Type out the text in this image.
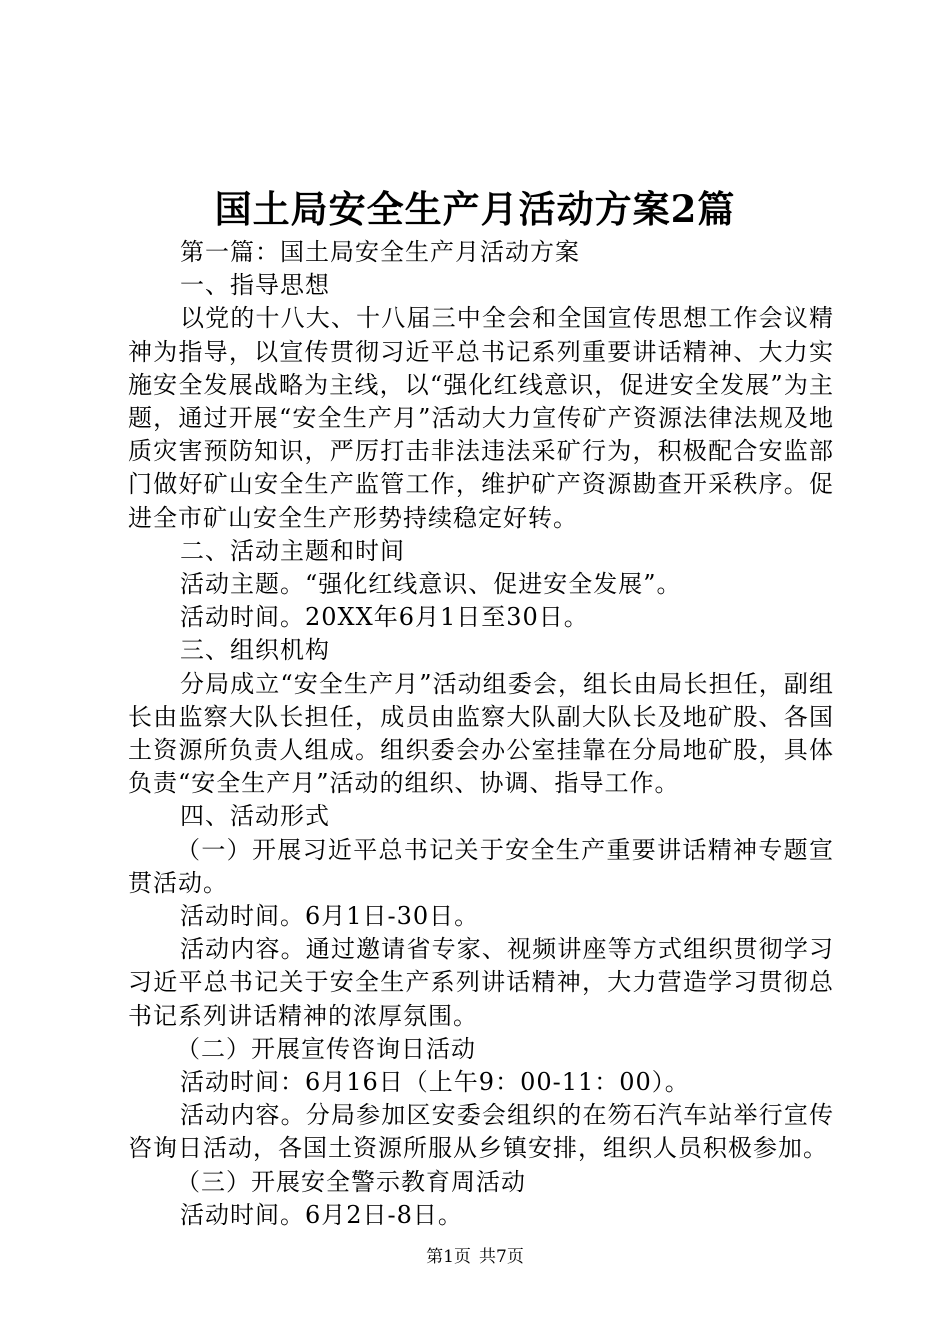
国土局安全生产月活动方案2篇

第一篇：国土局安全生产月活动方案

一、指导思想

以党的十八大、十八届三中全会和全国宣传思想工作会议精神为指导，以宣传贯彻习近平总书记系列重要讲话精神、大力实施安全发展战略为主线，以“强化红线意识，促进安全发展”为主题，通过开展“安全生产月”活动大力宣传矿产资源法律法规及地质灾害预防知识，严厉打击非法违法采矿行为，积极配合安监部门做好矿山安全生产监管工作，维护矿产资源勘查开采秩序。促进全市矿山安全生产形势持续稳定好转。

二、活动主题和时间

活动主题。“强化红线意识、促进安全发展”。

活动时间。20XX年6月1日至30日。

三、组织机构

分局成立“安全生产月”活动组委会，组长由局长担任，副组长由监察大队长担任，成员由监察大队副大队长及地矿股、各国土资源所负责人组成。组织委会办公室挂靠在分局地矿股，具体负责“安全生产月”活动的组织、协调、指导工作。

四、活动形式

（一）开展习近平总书记关于安全生产重要讲话精神专题宣贯活动。

活动时间。6月1日-30日。

活动内容。通过邀请省专家、视频讲座等方式组织贯彻学习习近平总书记关于安全生产系列讲话精神，大力营造学习贯彻总书记系列讲话精神的浓厚氛围。

（二）开展宣传咨询日活动

活动时间：6月16日（上午9：00-11：00）。

活动内容。分局参加区安委会组织的在笏石汽车站举行宣传咨询日活动，各国土资源所服从乡镇安排，组织人员积极参加。

（三）开展安全警示教育周活动

活动时间。6月2日-8日。

第1页 共7页
